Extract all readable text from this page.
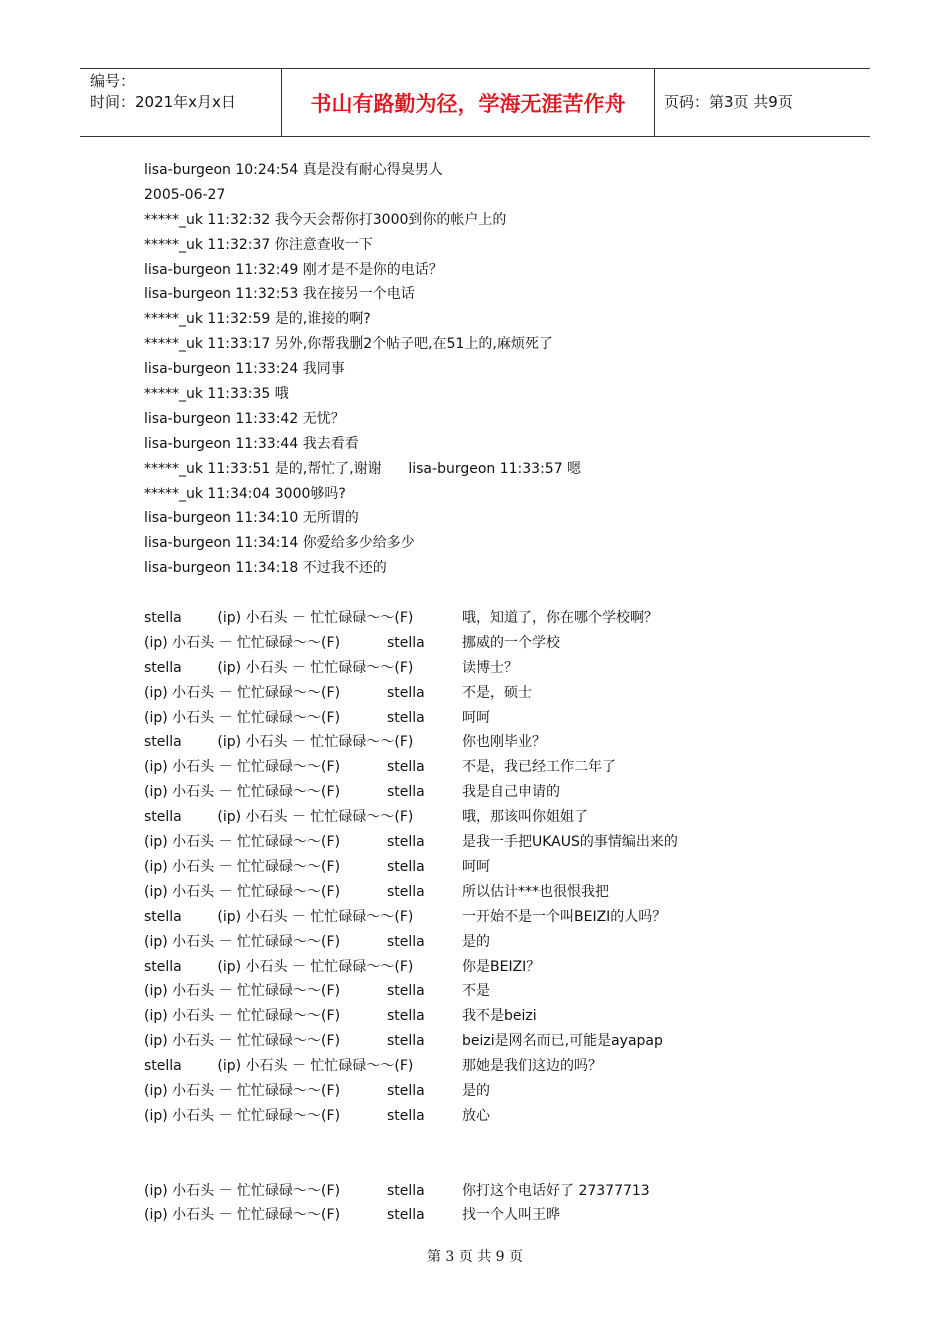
编号：
时间：2021年x月x日	书山有路勤为径，学海无涯苦作舟	页码：第3页 共9页
lisa-burgeon 10:24:54 真是没有耐心得臭男人
2005-06-27
*****_uk 11:32:32 我今天会帮你打3000到你的帐户上的
*****_uk 11:32:37 你注意查收一下
lisa-burgeon 11:32:49 刚才是不是你的电话？
lisa-burgeon 11:32:53 我在接另一个电话
*****_uk 11:32:59 是的,谁接的啊?
*****_uk 11:33:17 另外,你帮我删2个帖子吧,在51上的,麻烦死了
lisa-burgeon 11:33:24 我同事
*****_uk 11:33:35 哦
lisa-burgeon 11:33:42 无忧？
lisa-burgeon 11:33:44 我去看看
*****_uk 11:33:51 是的,帮忙了,谢谢      lisa-burgeon 11:33:57 嗯
*****_uk 11:34:04 3000够吗?
lisa-burgeon 11:34:10 无所谓的
lisa-burgeon 11:34:14 你爱给多少给多少
lisa-burgeon 11:34:18 不过我不还的
stella        (ip) 小石头 － 忙忙碌碌～～(F)	哦，知道了，你在哪个学校啊？
(ip) 小石头 － 忙忙碌碌～～(F)	stella	挪威的一个学校
stella        (ip) 小石头 － 忙忙碌碌～～(F)	读博士？
(ip) 小石头 － 忙忙碌碌～～(F)	stella	不是，硕士
(ip) 小石头 － 忙忙碌碌～～(F)	stella	呵呵
stella        (ip) 小石头 － 忙忙碌碌～～(F)	你也刚毕业？
(ip) 小石头 － 忙忙碌碌～～(F)	stella	不是，我已经工作二年了
(ip) 小石头 － 忙忙碌碌～～(F)	stella	我是自己申请的
stella        (ip) 小石头 － 忙忙碌碌～～(F)	哦，那该叫你姐姐了
(ip) 小石头 － 忙忙碌碌～～(F)	stella	是我一手把UKAUS的事情编出来的
(ip) 小石头 － 忙忙碌碌～～(F)	stella	呵呵
(ip) 小石头 － 忙忙碌碌～～(F)	stella	所以估计***也很恨我把
stella        (ip) 小石头 － 忙忙碌碌～～(F)	一开始不是一个叫BEIZI的人吗？
(ip) 小石头 － 忙忙碌碌～～(F)	stella	是的
stella        (ip) 小石头 － 忙忙碌碌～～(F)	你是BEIZI？
(ip) 小石头 － 忙忙碌碌～～(F)	stella	不是
(ip) 小石头 － 忙忙碌碌～～(F)	stella	我不是beizi
(ip) 小石头 － 忙忙碌碌～～(F)	stella	beizi是网名而已,可能是ayapap
stella        (ip) 小石头 － 忙忙碌碌～～(F)	那她是我们这边的吗？
(ip) 小石头 － 忙忙碌碌～～(F)	stella	是的
(ip) 小石头 － 忙忙碌碌～～(F)	stella	放心
(ip) 小石头 － 忙忙碌碌～～(F)	stella	你打这个电话好了 27377713
(ip) 小石头 － 忙忙碌碌～～(F)	stella	找一个人叫王晔
第 3 页 共 9 页
